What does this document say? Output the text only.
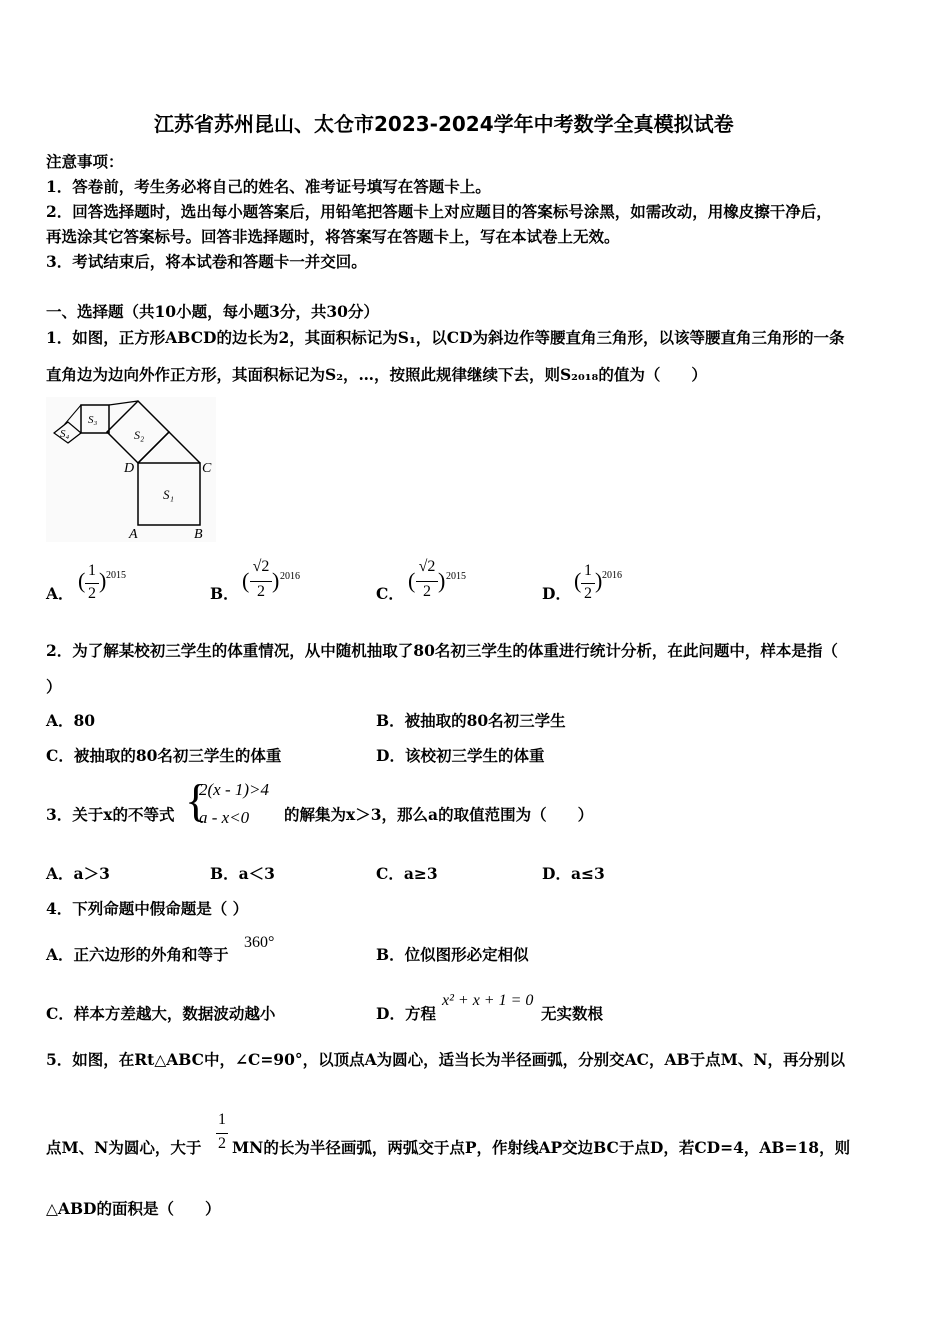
江苏省苏州昆山、太仓市2023-2024学年中考数学全真模拟试卷
注意事项：
1．答卷前，考生务必将自己的姓名、准考证号填写在答题卡上。
2．回答选择题时，选出每小题答案后，用铅笔把答题卡上对应题目的答案标号涂黑，如需改动，用橡皮擦干净后，
再选涂其它答案标号。回答非选择题时，将答案写在答题卡上，写在本试卷上无效。
3．考试结束后，将本试卷和答题卡一并交回。
一、选择题（共10小题，每小题3分，共30分）
1．如图，正方形ABCD的边长为2，其面积标记为S₁，以CD为斜边作等腰直角三角形，以该等腰直角三角形的一条
直角边为边向外作正方形，其面积标记为S₂，…，按照此规律继续下去，则S₂₀₁₈的值为（　　）
S₄
S₃
S₂
S₁
D	C
A	B
A．
( 1
2
) 2015
B．
(
√2
2 ) 2016
C．
(
√2
2 ) 2015
D．
( 1
2
) 2016
2．为了解某校初三学生的体重情况，从中随机抽取了80名初三学生的体重进行统计分析，在此问题中，样本是指（
）
A．80	B．被抽取的80名初三学生
C．被抽取的80名初三学生的体重	D．该校初三学生的体重
3．关于x的不等式 {
2(x - 1)>4
a - x<0 的解集为x＞3，那么a的取值范围为（　　）
A．a＞3	B．a＜3	C．a≥3	D．a≤3
4．下列命题中假命题是（ ）
A．正六边形的外角和等于
360°
B．位似图形必定相似
C．样本方差越大，数据波动越小	D．方程
x² + x + 1 = 0
无实数根
5．如图，在Rt△ABC中，∠C=90°，以顶点A为圆心，适当长为半径画弧，分别交AC，AB于点M、N，再分别以
点M、N为圆心，大于
1
2 MN的长为半径画弧，两弧交于点P，作射线AP交边BC于点D，若CD=4，AB=18，则
△ABD的面积是（　　）
